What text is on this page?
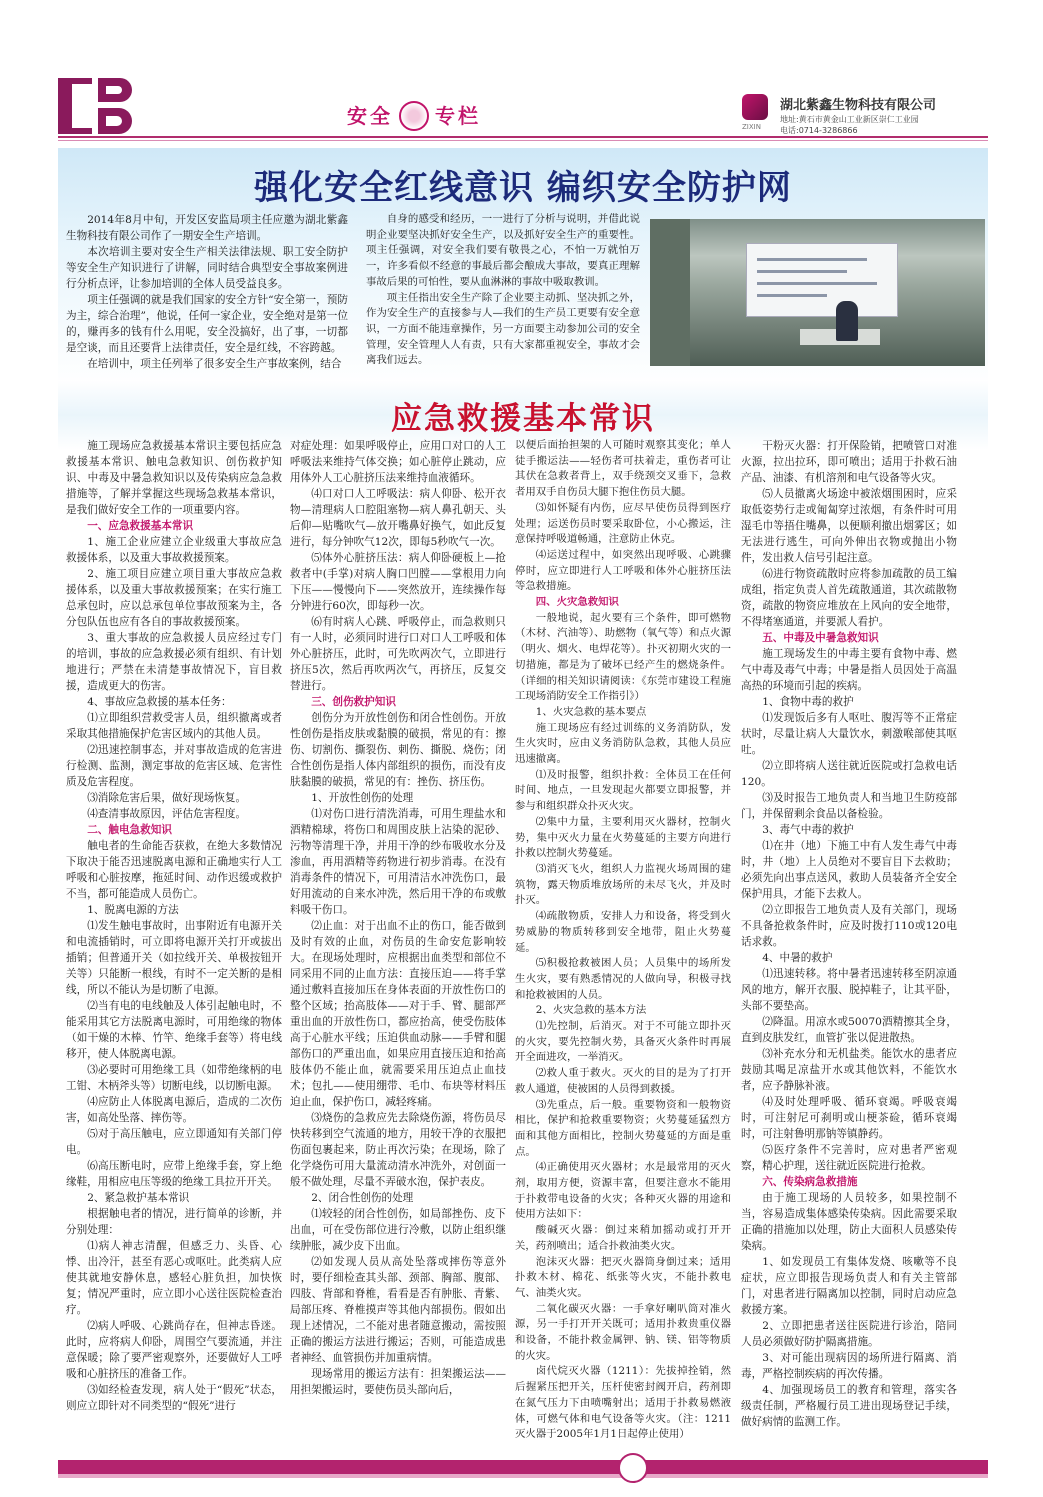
安全 专栏	ZIXIN
湖北紫鑫生物科技有限公司
地址:黄石市黄金山工业新区崇仁工业园
电话:0714-3286866
强化安全红线意识 编织安全防护网

2014年8月中旬，开发区安监局项主任应邀为湖北紫鑫生物科技有限公司作了一期安全生产培训。

本次培训主要对安全生产相关法律法规、职工安全防护等安全生产知识进行了讲解，同时结合典型安全事故案例进行分析点评，让参加培训的全体人员受益良多。

项主任强调的就是我们国家的安全方针“安全第一，预防为主，综合治理”，他说，任何一家企业，安全绝对是第一位的，赚再多的钱有什么用呢，安全没搞好，出了事，一切都是空谈，而且还要背上法律责任，安全是红线，不容跨越。

在培训中，项主任列举了很多安全生产事故案例，结合

自身的感受和经历，一一进行了分析与说明，并借此说明企业要坚决抓好安全生产，以及抓好安全生产的重要性。项主任强调，对安全我们要有敬畏之心，不怕一万就怕万一，许多看似不经意的事最后都会酿成大事故，要真正理解事故后果的可怕性，要从血淋淋的事故中吸取教训。

项主任指出安全生产除了企业要主动抓、坚决抓之外，作为安全生产的直接参与人—我们的生产员工更要有安全意识，一方面不能违章操作，另一方面要主动参加公司的安全管理，安全管理人人有责，只有大家都重视安全，事故才会离我们远去。

应急救援基本常识

施工现场应急救援基本常识主要包括应急救援基本常识、触电急救知识、创伤救护知识、中毒及中暑急救知识以及传染病应急急救措施等，了解并掌握这些现场急救基本常识，是我们做好安全工作的一项重要内容。

一、应急救援基本常识

1、施工企业应建立企业级重大事故应急救援体系，以及重大事故救援预案。

2、施工项目应建立项目重大事故应急救援体系，以及重大事故救援预案；在实行施工总承包时，应以总承包单位事故预案为主，各分包队伍也应有各自的事故救援预案。

3、重大事故的应急救援人员应经过专门的培训，事故的应急救援必须有组织、有计划地进行；严禁在未清楚事故情况下，盲目救援，造成更大的伤害。

4、事故应急救援的基本任务：

⑴立即组织营救受害人员，组织撤离或者采取其他措施保护危害区域内的其他人员。

⑵迅速控制事态，并对事故造成的危害进行检测、监测，测定事故的危害区域、危害性质及危害程度。

⑶消除危害后果，做好现场恢复。

⑷查清事故原因，评估危害程度。

二、触电急救知识

触电者的生命能否获救，在绝大多数情况下取决于能否迅速脱离电源和正确地实行人工呼吸和心脏按摩，拖延时间、动作迟缓或救护不当，都可能造成人员伤亡。

1、脱离电源的方法

⑴发生触电事故时，出事附近有电源开关和电流插销时，可立即将电源开关打开或拔出插销；但普通开关（如拉线开关、单极按钮开关等）只能断一根线，有时不一定关断的是相线，所以不能认为是切断了电源。

⑵当有电的电线触及人体引起触电时，不能采用其它方法脱离电源时，可用绝缘的物体（如干燥的木棒、竹竿、绝缘手套等）将电线移开，使人体脱离电源。

⑶必要时可用绝缘工具（如带绝缘柄的电工钳、木柄斧头等）切断电线，以切断电源。

⑷应防止人体脱离电源后，造成的二次伤害，如高处坠落、摔伤等。

⑸对于高压触电，应立即通知有关部门停电。

⑹高压断电时，应带上绝缘手套，穿上绝缘鞋，用相应电压等级的绝缘工具拉开开关。

2、紧急救护基本常识

根据触电者的情况，进行简单的诊断，并分别处理：

⑴病人神志清醒，但感乏力、头昏、心悸、出冷汗，甚至有恶心或呕吐。此类病人应使其就地安静休息，感轻心脏负担，加快恢复；情况严重时，应立即小心送往医院检查治疗。

⑵病人呼吸、心跳尚存在，但神志昏迷。此时，应将病人仰卧，周围空气要流通，并注意保暖；除了要严密观察外，还要做好人工呼吸和心脏挤压的准备工作。

⑶如经检查发现，病人处于“假死”状态，则应立即针对不同类型的“假死”进行

对症处理：如果呼吸停止，应用口对口的人工呼吸法来维持气体交换；如心脏停止跳动，应用体外人工心脏挤压法来维持血液循环。

⑷口对口人工呼吸法：病人仰卧、松开衣物—清理病人口腔阻塞物—病人鼻孔朝天、头后仰—贴嘴吹气—放开嘴鼻好换气，如此反复进行，每分钟吹气12次，即每5秒吹气一次。

⑸体外心脏挤压法：病人仰卧硬板上—抢救者中(手掌)对病人胸口凹膛——掌根用力向下压——慢慢向下——突然放开，连续操作每分钟进行60次，即每秒一次。

⑹有时病人心跳、呼吸停止，而急救则只有一人时，必须同时进行口对口人工呼吸和体外心脏挤压，此时，可先吹两次气，立即进行挤压5次，然后再吹两次气，再挤压，反复交替进行。

三、创伤救护知识

创伤分为开放性创伤和闭合性创伤。开放性创伤是指皮肤或黏膜的破损，常见的有：擦伤、切割伤、撕裂伤、刺伤、撕脱、烧伤；闭合性创伤是指人体内部组织的损伤，而没有皮肤黏膜的破损，常见的有：挫伤、挤压伤。

1、开放性创伤的处理

⑴对伤口进行清洗消毒，可用生理盐水和酒精棉球，将伤口和周围皮肤上沾染的泥砂、污物等清理干净，并用干净的纱布吸收水分及渗血，再用酒精等药物进行初步消毒。在没有消毒条件的情况下，可用清洁水冲洗伤口，最好用流动的自来水冲洗，然后用干净的布或敷料吸干伤口。

⑵止血：对于出血不止的伤口，能否做到及时有效的止血，对伤员的生命安危影响较大。在现场处理时，应根据出血类型和部位不同采用不同的止血方法：直接压迫——将手掌通过敷料直接加压在身体表面的开放性伤口的整个区域；抬高肢体——对于手、臂、腿部严重出血的开放性伤口，都应抬高，使受伤肢体高于心脏水平线；压迫供血动脉——手臂和腿部伤口的严重出血，如果应用直接压迫和抬高肢体仍不能止血，就需要采用压迫点止血技术；包扎——使用绷带、毛巾、布块等材料压迫止血，保护伤口，减轻疼痛。

⑶烧伤的急救应先去除烧伤源，将伤员尽快转移到空气流通的地方，用较干净的衣服把伤面包裹起来，防止再次污染；在现场，除了化学烧伤可用大量流动清水冲洗外，对创面一般不做处理，尽量不弄破水泡，保护表皮。

2、闭合性创伤的处理

⑴较轻的闭合性创伤，如局部挫伤、皮下出血，可在受伤部位进行冷敷，以防止组织继续肿胀，减少皮下出血。

⑵如发现人员从高处坠落或摔伤等意外时，要仔细检查其头部、颈部、胸部、腹部、四肢、背部和脊椎，看看是否有肿胀、青紫、局部压疼、脊椎摸声等其他内部损伤。假如出现上述情况，二不能对患者随意搬动，需按照正确的搬运方法进行搬运；否则，可能造成患者神经、血管损伤并加重病情。

现场常用的搬运方法有：担架搬运法——用担架搬运时，要使伤员头部向后，

以便后面抬担架的人可随时观察其变化；单人徒手搬运法——轻伤者可扶着走，重伤者可让其伏在急救者背上，双手绕颈交叉垂下，急救者用双手自伤员大腿下抱住伤员大腿。

⑶如怀疑有内伤，应尽早使伤员得到医疗处理；运送伤员时要采取卧位，小心搬运，注意保持呼吸道畅通，注意防止休克。

⑷运送过程中，如突然出现呼吸、心跳骤停时，应立即进行人工呼吸和体外心脏挤压法等急救措施。

四、火灾急救知识

一般地说，起火要有三个条件，即可燃物（木材、汽油等）、助燃物（氧气等）和点火源（明火、烟火、电焊花等）。扑灭初期火灾的一切措施，都是为了破坏已经产生的燃烧条件。（详细的相关知识请阅读：《东莞市建设工程施工现场消防安全工作指引》）

1、火灾急救的基本要点

施工现场应有经过训练的义务消防队，发生火灾时，应由义务消防队急救，其他人员应迅速撤离。

⑴及时报警，组织扑救：全体员工在任何时间、地点，一旦发现起火都要立即报警，并参与和组织群众扑灭火灾。

⑵集中力量，主要利用灭火器材，控制火势，集中灭火力量在火势蔓延的主要方向进行扑救以控制火势蔓延。

⑶消灭飞火，组织人力监视火场周围的建筑物，露天物质堆放场所的未尽飞火，并及时扑灭。

⑷疏散物质，安排人力和设备，将受到火势威胁的物质转移到安全地带，阻止火势蔓延。

⑸积极抢救被困人员；人员集中的场所发生火灾，要有熟悉情况的人做向导，积极寻找和抢救被困的人员。

2、火灾急救的基本方法

⑴先控制，后消灭。对于不可能立即扑灭的火灾，要先控制火势，具备灭火条件时再展开全面进攻，一举消灭。

⑵救人重于救火。灭火的目的是为了打开救人通道，使被困的人员得到救援。

⑶先重点，后一般。重要物资和一般物资相比，保护和抢救重要物资；火势蔓延猛烈方面和其他方面相比，控制火势蔓延的方面是重点。

⑷正确使用灭火器材；水是最常用的灭火剂，取用方便，资源丰富，但要注意水不能用于扑救带电设备的火灾；各种灭火器的用途和使用方法如下：

酸碱灭火器：倒过来稍加摇动或打开开关，药剂喷出；适合扑救油类火灾。

泡沫灭火器：把灭火器筒身倒过来；适用扑救木材、棉花、纸张等火灾，不能扑救电气、油类火灾。

二氧化碳灭火器：一手拿好喇叭筒对准火源，另一手打开开关既可；适用扑救贵重仪器和设备，不能扑救金属钾、钠、镁、铝等物质的火灾。

卤代烷灭火器（1211）：先拔掉拴销，然后握紧压把开关，压杆使密封阀开启，药剂即在氮气压力下由喷嘴射出；适用于扑救易燃液体，可燃气体和电气设备等火灾。（注：1211灭火器于2005年1月1日起停止使用）

干粉灭火器：打开保险销，把喷管口对准火源，拉出拉环，即可喷出；适用于扑救石油产品、油漆、有机溶剂和电气设备等火灾。

⑸人员撤离火场途中被浓烟围困时，应采取低姿势行走或匍匐穿过浓烟，有条件时可用湿毛巾等捂住嘴鼻，以便顺利撤出烟雾区；如无法进行逃生，可向外伸出衣物或抛出小物件，发出救人信号引起注意。

⑹进行物资疏散时应将参加疏散的员工编成组，指定负责人首先疏散通道，其次疏散物资，疏散的物资应堆放在上风向的安全地带，不得堵塞通道，并要派人看护。

五、中毒及中暑急救知识

施工现场发生的中毒主要有食物中毒、燃气中毒及毒气中毒；中暑是指人员因处于高温高热的环境而引起的疾病。

1、食物中毒的救护

⑴发现饭后多有人呕吐、腹泻等不正常症状时，尽量让病人大量饮水，刺激喉部使其呕吐。

⑵立即将病人送往就近医院或打急救电话120。

⑶及时报告工地负责人和当地卫生防疫部门，并保留剩余食品以备检验。

3、毒气中毒的救护

⑴在井（地）下施工中有人发生毒气中毒时，井（地）上人员绝对不要盲目下去救助；必须先向出事点送风，救助人员装备齐全安全保护用具，才能下去救人。

⑵立即报告工地负责人及有关部门，现场不具备抢救条件时，应及时拨打110或120电话求救。

4、中暑的救护

⑴迅速转移。将中暑者迅速转移至阴凉通风的地方，解开衣服、脱掉鞋子，让其平卧，头部不要垫高。

⑵降温。用凉水或50070酒精擦其全身，直到皮肤发红，血管扩张以促进散热。

⑶补充水分和无机盐类。能饮水的患者应鼓励其喝足凉盐开水或其他饮料，不能饮水者，应予静脉补液。

⑷及时处理呼吸、循环衰竭。呼吸衰竭时，可注射尼可刹明或山梗茶硷，循环衰竭时，可注射鲁明那钠等镇静药。

⑸医疗条件不完善时，应对患者严密观察，精心护理，送往就近医院进行抢救。

六、传染病急救措施

由于施工现场的人员较多，如果控制不当，容易造成集体感染传染病。因此需要采取正确的措施加以处理，防止大面积人员感染传染病。

1、如发现员工有集体发烧、咳嗽等不良症状，应立即报告现场负责人和有关主管部门，对患者进行隔离加以控制，同时启动应急救援方案。

2、立即把患者送往医院进行诊治，陪同人员必须做好防护隔离措施。

3、对可能出现病因的场所进行隔离、消毒，严格控制疾病的再次传播。

4、加强现场员工的教育和管理，落实各级责任制，严格履行员工进出现场登记手续，做好病情的监测工作。
